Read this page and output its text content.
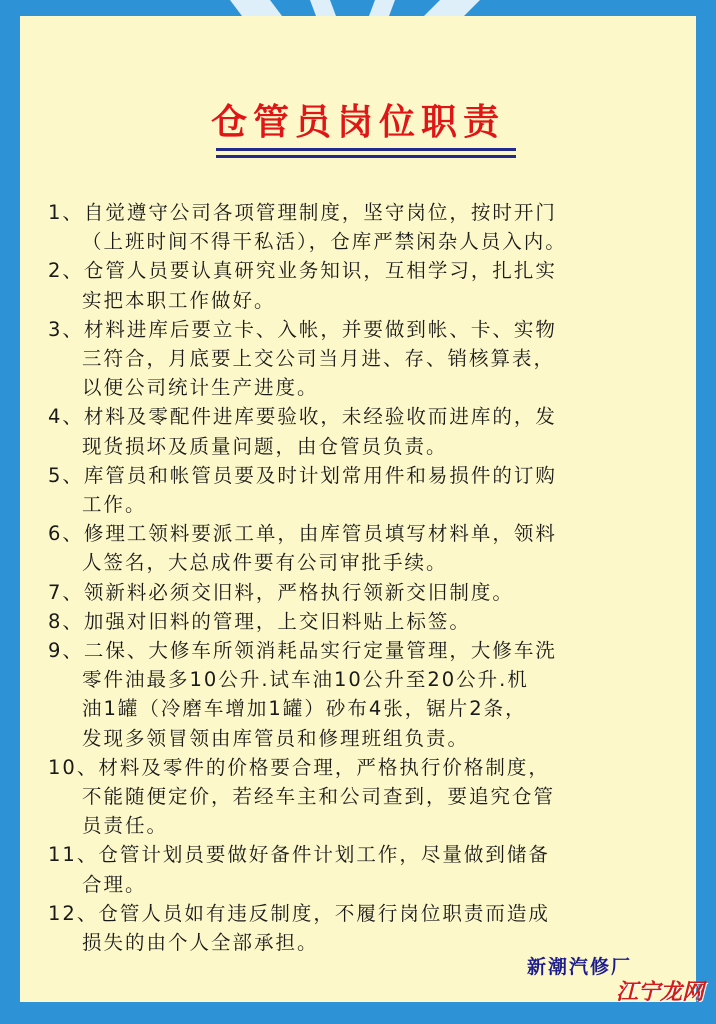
仓管员岗位职责

1、自觉遵守公司各项管理制度，坚守岗位，按时开门

（上班时间不得干私活），仓库严禁闲杂人员入内。

2、仓管人员要认真研究业务知识，互相学习，扎扎实

实把本职工作做好。

3、材料进库后要立卡、入帐，并要做到帐、卡、实物

三符合，月底要上交公司当月进、存、销核算表，

以便公司统计生产进度。

4、材料及零配件进库要验收，未经验收而进库的，发

现货损坏及质量问题，由仓管员负责。

5、库管员和帐管员要及时计划常用件和易损件的订购

工作。

6、修理工领料要派工单，由库管员填写材料单，领料

人签名，大总成件要有公司审批手续。

7、领新料必须交旧料，严格执行领新交旧制度。

8、加强对旧料的管理，上交旧料贴上标签。

9、二保、大修车所领消耗品实行定量管理，大修车洗

零件油最多10公升.试车油10公升至20公升.机

油1罐（冷磨车增加1罐）砂布4张，锯片2条，

发现多领冒领由库管员和修理班组负责。

10、材料及零件的价格要合理，严格执行价格制度，

不能随便定价，若经车主和公司查到，要追究仓管

员责任。

11、仓管计划员要做好备件计划工作，尽量做到储备

合理。

12、仓管人员如有违反制度，不履行岗位职责而造成

损失的由个人全部承担。

新潮汽修厂
江宁龙网
